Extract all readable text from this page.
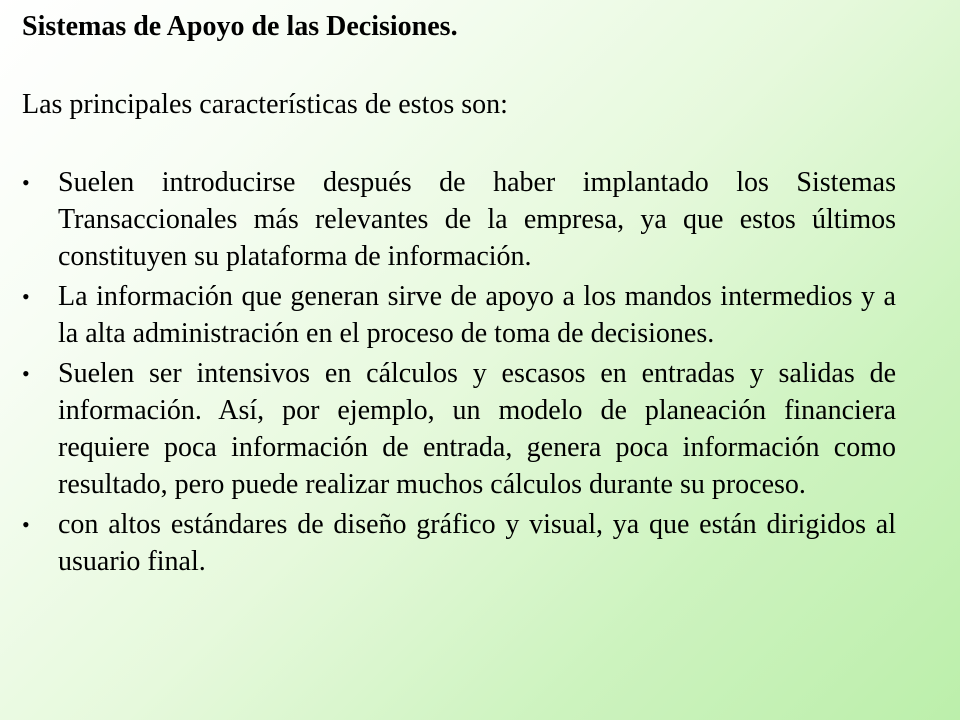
Sistemas de Apoyo de las Decisiones.

Las principales características de estos son:

• Suelen introducirse después de haber implantado los Sistemas Transaccionales más relevantes de la empresa, ya que estos últimos constituyen su plataforma de información.
• La información que generan sirve de apoyo a los mandos intermedios y a la alta administración en el proceso de toma de decisiones.
• Suelen ser intensivos en cálculos y escasos en entradas y salidas de información. Así, por ejemplo, un modelo de planeación financiera requiere poca información de entrada, genera poca información como resultado, pero puede realizar muchos cálculos durante su proceso.
• con altos estándares de diseño gráfico y visual, ya que están dirigidos al usuario final.
